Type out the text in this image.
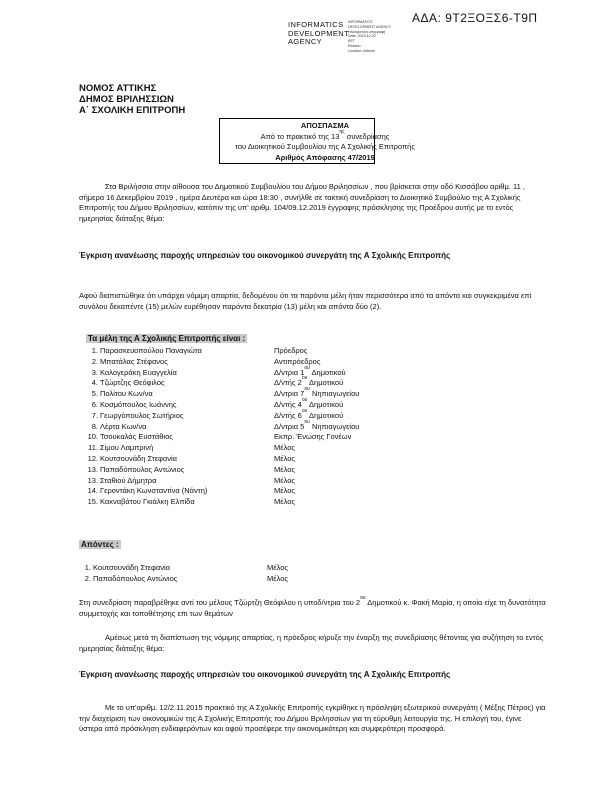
ΑΔΑ: 9Τ2ΞΟΞΣ6-Τ9Π
INFORMATICS
DEVELOPMENT
AGENCY
INFORMATICS
DEVELOPMENT AGENCY
Ηλεκτρονική υπογραφή
Date: 2019.12.20
EET
Reason:
Location: Athens
ΝΟΜΟΣ ΑΤΤΙΚΗΣ
ΔΗΜΟΣ ΒΡΙΛΗΣΣΙΩΝ
Α΄ ΣΧΟΛΙΚΗ ΕΠΙΤΡΟΠΗ
ΑΠΟΣΠΑΣΜΑ
Από το πρακτικό της $13^{\eta\varsigma}$ συνεδρίασης
του Διοικητικού Συμβουλίου της Α Σχολικής Επιτροπής
Αριθμός Απόφασης 47/2019
Στα Βριλήσσια στην αίθουσα του Δημοτικού Συμβουλίου του Δήμου Βριλησσίων , που βρίσκεται στην οδό Κισσάβου αριθμ. 11 , σήμερα 16 Δεκεμβρίου 2019 , ημέρα Δευτέρα και ώρα 18:30 , συνήλθε σε τακτική συνεδρίαση το Διοικητικό Συμβούλιο της Α Σχολικής Επιτροπής του Δήμου Βριλησσίων, κατόπιν της υπ' αριθμ. 104/09.12.2019 έγγραφης πρόσκλησης της Προέδρου αυτής με το εντός ημερησίας διάταξης θέμα:
Έγκριση ανανέωσης παροχής υπηρεσιών του οικονομικού συνεργάτη της Α Σχολικής Επιτροπής
Αφού διαπιστώθηκε ότι υπάρχει νόμιμη απαρτία, δεδομένου ότι τα παρόντα μέλη ήταν περισσότερα από τα απόντα και συγκεκριμένα επί συνόλου δεκαπέντε (15) μελών ευρέθησαν παρόντα δεκατρία (13) μέλη και απόντα δύο (2).
Τα μέλη της Α Σχολικής Επιτροπής είναι :
1. Παρασκευοπούλου Παναγιώτα	Πρόεδρος
2. Μπατάλας Στέφανος	Αντιπρόεδρος
3. Καλογεράκη Ευαγγελία	Δ/ντρια $1^{o\upsilon}$ Δημοτικού
4. Τζώρτζης Θεόφιλος	Δ/ντής $2^{o\upsilon}$ Δημοτικού
5. Πολίτου Κων/να	Δ/ντρια $7^{o\upsilon}$ Νηπιαγωγείου
6. Κοσμόπουλος Ιωάννης	Δ/ντής $4^{o\upsilon}$ Δημοτικού
7. Γεωργόπουλος Σωτήριος	Δ/ντής $6^{o\upsilon}$ Δημοτικού
8. Λέρτα Κων/να	Δ/ντρια $5^{o\upsilon}$ Νηπιαγωγείου
10. Τσουκαλάς Ευστάθιος	Εκπρ. Ένωσης Γονέων
11. Σίμου Λαμπρινή	Μέλος
12. Κουτσουνάδη Στεφανία	Μέλος
13. Παπαδόπουλος Αντώνιος	Μέλος
13. Σταθιού Δήμητρα	Μέλος
14. Γεροντάκη Κωνσταντίνα (Νάντη)	Μέλος
15. Κακναβάτου Γκιάλκη Ελπίδα	Μέλος
Απόντες :
1. Κουτσουνάδη Στεφανία	Μέλος
2. Παπαδόπουλος Αντώνιος	Μέλος
Στη συνεδρίαση παραβρέθηκε αντί του μέλους Τζώρτζη Θεόφιλου η υποδ/ντρια του $2^{o\upsilon}$ Δημοτικού κ. Φακή Μαρία, η οποία είχε τη δυνατότητα συμμετοχής και τοποθέτησης επι των θεμάτων
Αμέσως μετά τη διαπίστωση της νόμιμης απαρτίας, η πρόεδρος κήρυξε την έναρξη της συνεδρίασης θέτοντας για συζήτηση το εντός ημερησίας διάταξης θέμα:
Έγκριση ανανέωσης παροχής υπηρεσιών του οικονομικού συνεργάτη της Α Σχολικής Επιτροπής
Με το υπ'αριθμ. 12/2.11.2015 πρακτικό της Α Σχολικής Επιτροπής εγκρίθηκε η πρόσληψη εξωτερικού συνεργάτη ( Μέξης Πέτρος) για την διαχείριση των οικονομικών της Α Σχολικής Επιτροπής του Δήμου Βριλησσίων για τη εύρυθμη λειτουργία της. Η επιλογή του, έγινε ύστερα από πρόσκληση ενδιαφερόντων και αφού προσέφερε την οικονομικότερη και συμφερότερη προσφορά.
